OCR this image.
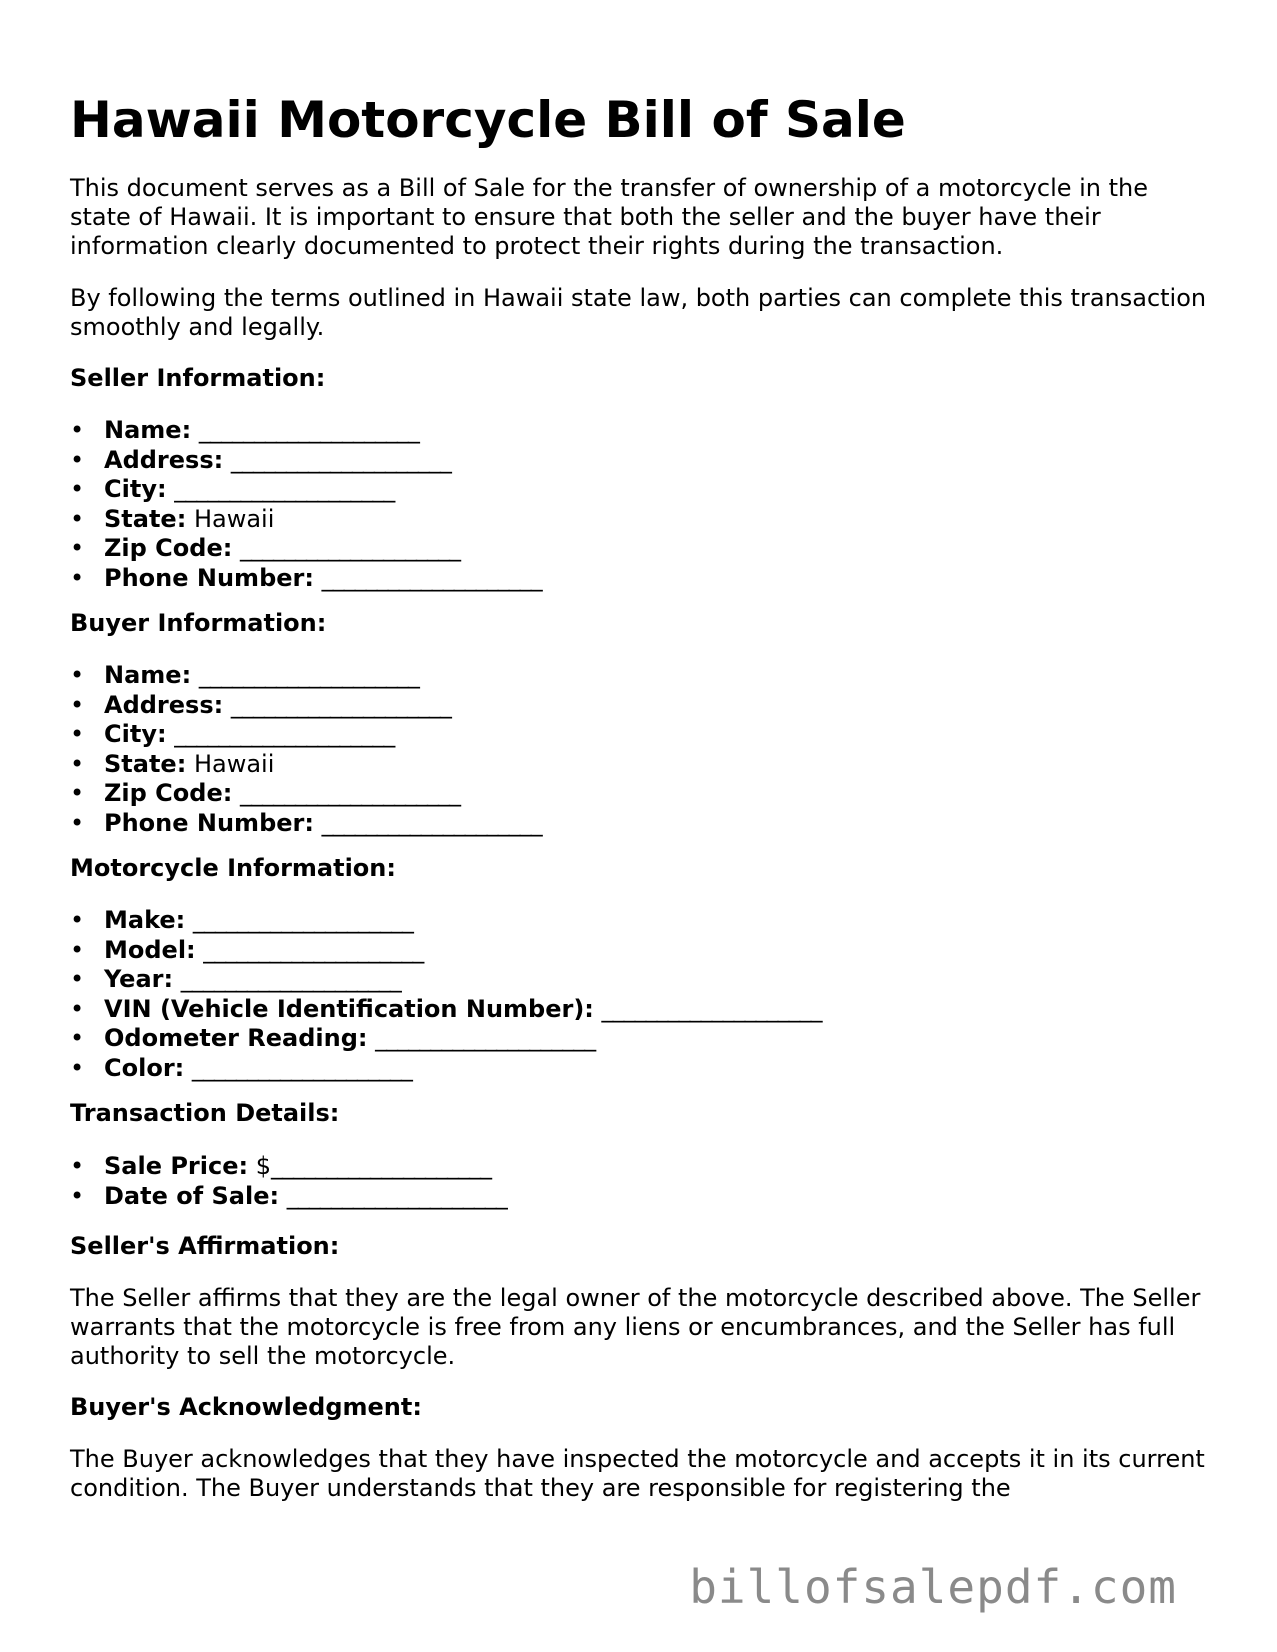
Hawaii Motorcycle Bill of Sale

This document serves as a Bill of Sale for the transfer of ownership of a motorcycle in the state of Hawaii. It is important to ensure that both the seller and the buyer have their information clearly documented to protect their rights during the transaction.

By following the terms outlined in Hawaii state law, both parties can complete this transaction smoothly and legally.

Seller Information:
• Name: ____________________
• Address: ____________________
• City: ____________________
• State: Hawaii
• Zip Code: ____________________
• Phone Number: ____________________
Buyer Information:
• Name: ____________________
• Address: ____________________
• City: ____________________
• State: Hawaii
• Zip Code: ____________________
• Phone Number: ____________________
Motorcycle Information:
• Make: ____________________
• Model: ____________________
• Year: ____________________
• VIN (Vehicle Identification Number): ____________________
• Odometer Reading: ____________________
• Color: ____________________
Transaction Details:
• Sale Price: $____________________
• Date of Sale: ____________________
Seller's Affirmation:

The Seller affirms that they are the legal owner of the motorcycle described above. The Seller warrants that the motorcycle is free from any liens or encumbrances, and the Seller has full authority to sell the motorcycle.

Buyer's Acknowledgment:

The Buyer acknowledges that they have inspected the motorcycle and accepts it in its current condition. The Buyer understands that they are responsible for registering the

billofsalepdf.com
